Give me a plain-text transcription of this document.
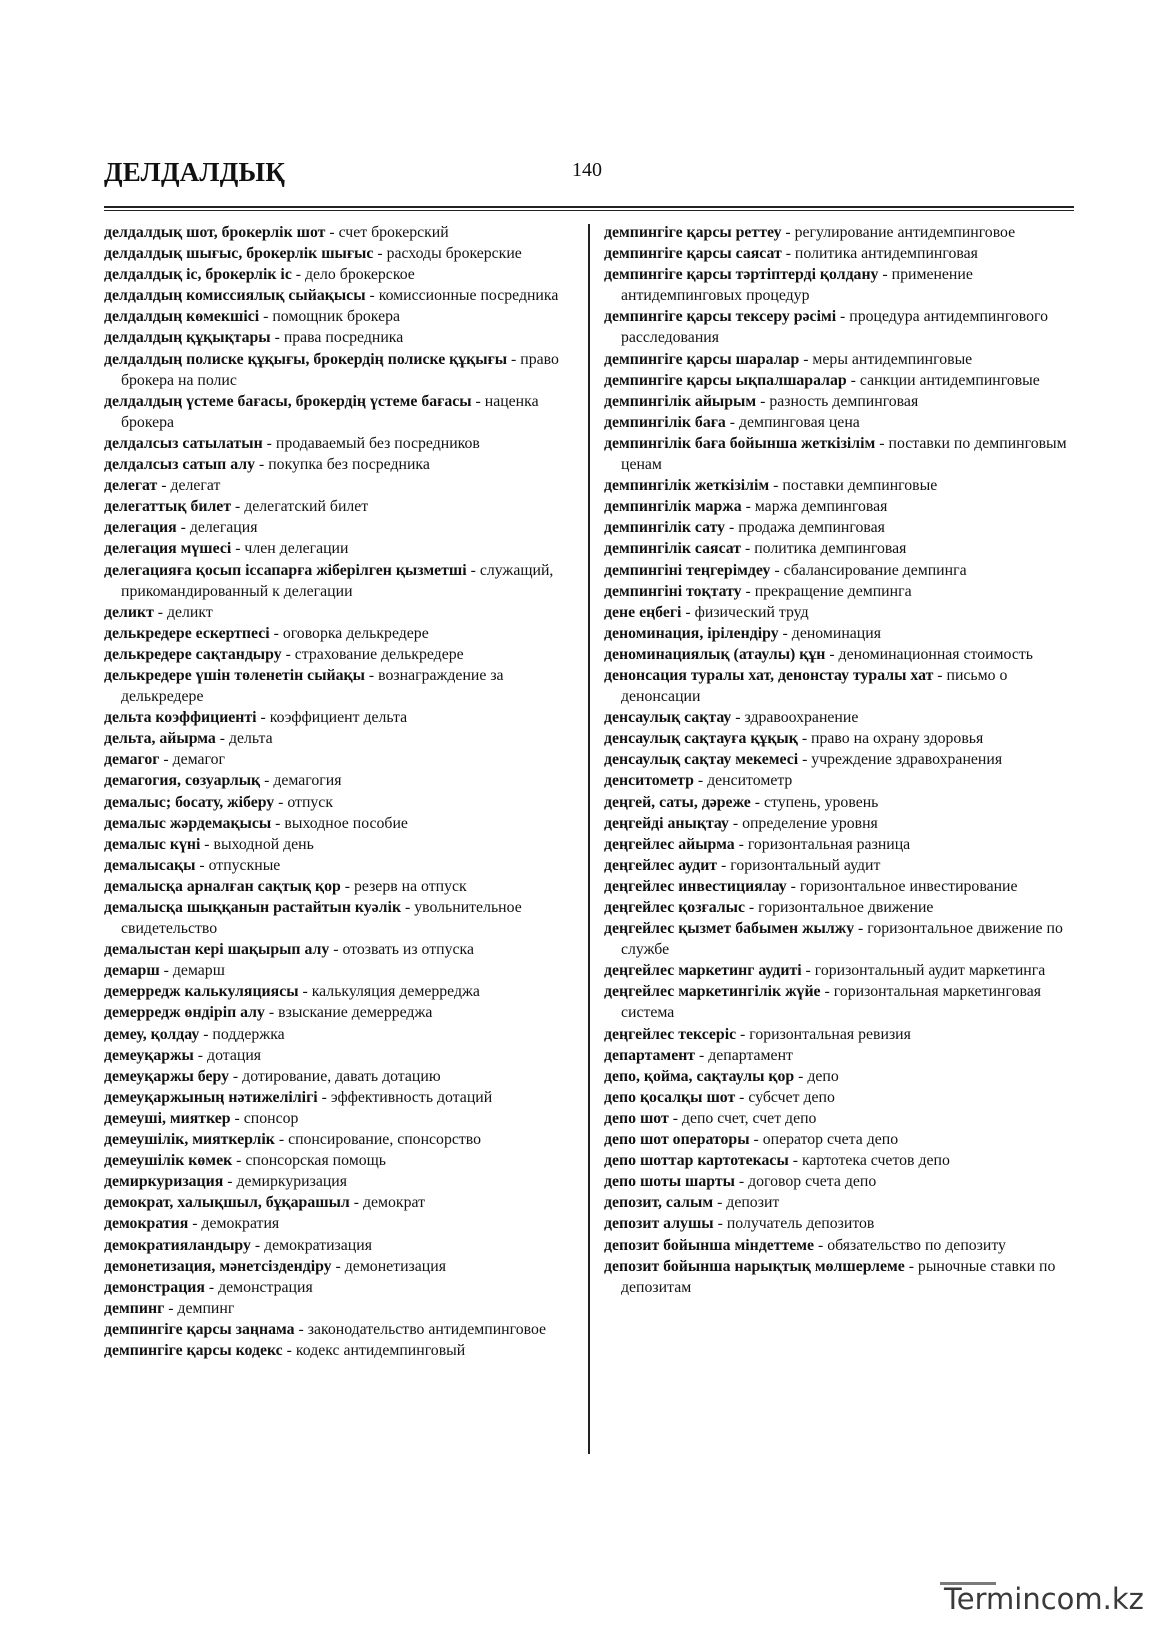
ДЕЛДАЛДЫҚ	140

делдалдық шот, брокерлік шот - счет брокерский

делдалдық шығыс, брокерлік шығыс - расходы брокерские

делдалдық іс, брокерлік іс - дело брокерское

делдалдың комиссиялық сыйақысы - комиссионные посредника

делдалдың көмекшісі - помощник брокера

делдалдың құқықтары - права посредника

делдалдың полиске құқығы, брокердің полиске құқығы - право брокера на полис

делдалдың үстеме бағасы, брокердің үстеме бағасы - наценка брокера

делдалсыз сатылатын - продаваемый без посредников

делдалсыз сатып алу - покупка без посредника

делегат - делегат

делегаттық билет - делегатский билет

делегация - делегация

делегация мүшесі - член делегации

делегацияға қосып іссапарға жіберілген қызметші - служащий, прикомандированный к делегации

деликт - деликт

делькредере ескертпесі - оговорка делькредере

делькредере сақтандыру - страхование делькредере

делькредере үшін төленетін сыйақы - вознаграждение за делькредере

дельта коэффициенті - коэффициент дельта

дельта, айырма - дельта

демагог - демагог

демагогия, сөзуарлық - демагогия

демалыс; босату, жіберу - отпуск

демалыс жәрдемақысы - выходное пособие

демалыс күні - выходной день

демалысақы - отпускные

демалысқа арналған сақтық қор - резерв на отпуск

демалысқа шыққанын растайтын куәлік - увольнительное свидетельство

демалыстан кері шақырып алу - отозвать из отпуска

демарш - демарш

демерредж калькуляциясы - калькуляция демерреджа

демерредж өндіріп алу - взыскание демерреджа

демеу, қолдау - поддержка

демеуқаржы - дотация

демеуқаржы беру - дотирование, давать дотацию

демеуқаржының нәтижелілігі - эффективность дотаций

демеуші, мияткер - спонсор

демеушілік, мияткерлік - спонсирование, спонсорство

демеушілік көмек - спонсорская помощь

демиркуризация - демиркуризация

демократ, халықшыл, бұқарашыл - демократ

демократия - демократия

демократияландыру - демократизация

демонетизация, мәнетсіздендіру - демонетизация

демонстрация - демонстрация

демпинг - демпинг

демпингіге қарсы заңнама - законодательство антидемпинговое

демпингіге қарсы кодекс - кодекс антидемпинговый

демпингіге қарсы реттеу - регулирование антидемпинговое

демпингіге қарсы саясат - политика антидемпинговая

демпингіге қарсы тәртіптерді қолдану - применение антидемпинговых процедур

демпингіге қарсы тексеру рәсімі - процедура антидемпингового расследования

демпингіге қарсы шаралар - меры антидемпинговые

демпингіге қарсы ықпалшаралар - санкции антидемпинговые

демпингілік айырым - разность демпинговая

демпингілік баға - демпинговая цена

демпингілік баға бойынша жеткізілім - поставки по демпинговым ценам

демпингілік жеткізілім - поставки демпинговые

демпингілік маржа - маржа демпинговая

демпингілік сату - продажа демпинговая

демпингілік саясат - политика демпинговая

демпингіні теңгерімдеу - сбалансирование демпинга

демпингіні тоқтату - прекращение демпинга

дене еңбегі - физический труд

деноминация, ірілендіру - деноминация

деноминациялық (атаулы) құн - деноминационная стоимость

денонсация туралы хат, денонстау туралы хат - письмо о денонсации

денсаулық сақтау - здравоохранение

денсаулық сақтауға құқық - право на охрану здоровья

денсаулық сақтау мекемесі - учреждение здравохранения

денситометр - денситометр

деңгей, саты, дәреже - ступень, уровень

деңгейді анықтау - определение уровня

деңгейлес айырма - горизонтальная разница

деңгейлес аудит - горизонтальный аудит

деңгейлес инвестициялау - горизонтальное инвестирование

деңгейлес қозғалыс - горизонтальное движение

деңгейлес қызмет бабымен жылжу - горизонтальное движение по службе

деңгейлес маркетинг аудиті - горизонтальный аудит маркетинга

деңгейлес маркетингілік жүйе - горизонтальная маркетинговая система

деңгейлес тексеріс - горизонтальная ревизия

департамент - департамент

депо, қойма, сақтаулы қор - депо

депо қосалқы шот - субсчет депо

депо шот - депо счет, счет депо

депо шот операторы - оператор счета депо

депо шоттар картотекасы - картотека счетов депо

депо шоты шарты - договор счета депо

депозит, салым - депозит

депозит алушы - получатель депозитов

депозит бойынша міндеттеме - обязательство по депозиту

депозит бойынша нарықтық мөлшерлеме - рыночные ставки по депозитам

Termincom.kz
